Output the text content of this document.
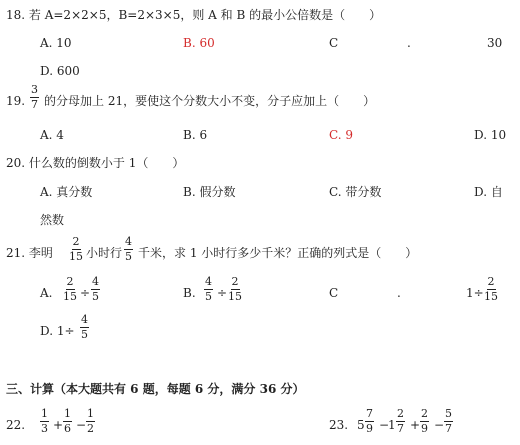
18. 若 A=2×2×5，B=2×3×5，则 A 和 B 的最小公倍数是（　　）
A. 10	B. 60	C	.	30
D. 600
19. $\frac{3}{7}$ 的分母加上 21，要使这个分数大小不变，分子应加上（　　）
A. 4	B. 6	C. 9	D. 10
20. 什么数的倒数小于 1（　　）
A. 真分数	B. 假分数	C. 带分数	D. 自
然数
21. 李明 $\frac{2}{15}$ 小时行 $\frac{4}{5}$ 千米，求 1 小时行多少千米？正确的列式是（　　）
A. $\frac{2}{15} \div \frac{4}{5}$	B. $\frac{4}{5} \div \frac{2}{15}$	C	.	$1\div \frac{2}{15}$
D. $1\div \frac{4}{5}$
三、计算（本大题共有 6 题，每题 6 分，满分 36 分）
22. $\frac{1}{3} + \frac{1}{6} - \frac{1}{2}$	23. $5 \frac{7}{9}$ −
$1 \frac{2}{7} + \frac{2}{9} - \frac{5}{7}$
